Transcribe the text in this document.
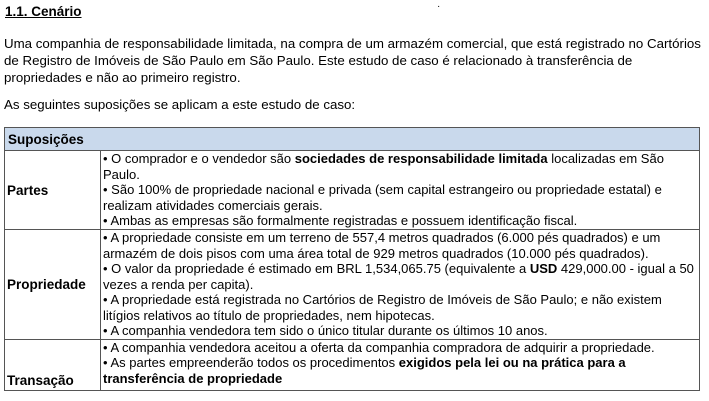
1.1. Cenário	·
Uma companhia de responsabilidade limitada, na compra de um armazém comercial, que está registrado no Cartórios de Registro de Imóveis de São Paulo em São Paulo. Este estudo de caso é relacionado à transferência de propriedades e não ao primeiro registro.
As seguintes suposições se aplicam a este estudo de caso:
Suposições	
Partes	• O comprador e o vendedor são sociedades de responsabilidade limitada localizadas em São Paulo.
• São 100% de propriedade nacional e privada (sem capital estrangeiro ou propriedade estatal) e realizam atividades comerciais gerais.
• Ambas as empresas são formalmente registradas e possuem identificação fiscal.

Propriedade	• A propriedade consiste em um terreno de 557,4 metros quadrados (6.000 pés quadrados) e um armazém de dois pisos com uma área total de 929 metros quadrados (10.000 pés quadrados).
• O valor da propriedade é estimado em BRL 1,534,065.75 (equivalente a USD 429,000.00 - igual a 50 vezes a renda per capita).
• A propriedade está registrada no Cartórios de Registro de Imóveis de São Paulo; e não existem litígios relativos ao título de propriedades, nem hipotecas.
• A companhia vendedora tem sido o único titular durante os últimos 10 anos.

Transação	• A companhia vendedora aceitou a oferta da companhia compradora de adquirir a propriedade.
• As partes empreenderão todos os procedimentos exigidos pela lei ou na prática para a transferência de propriedade
